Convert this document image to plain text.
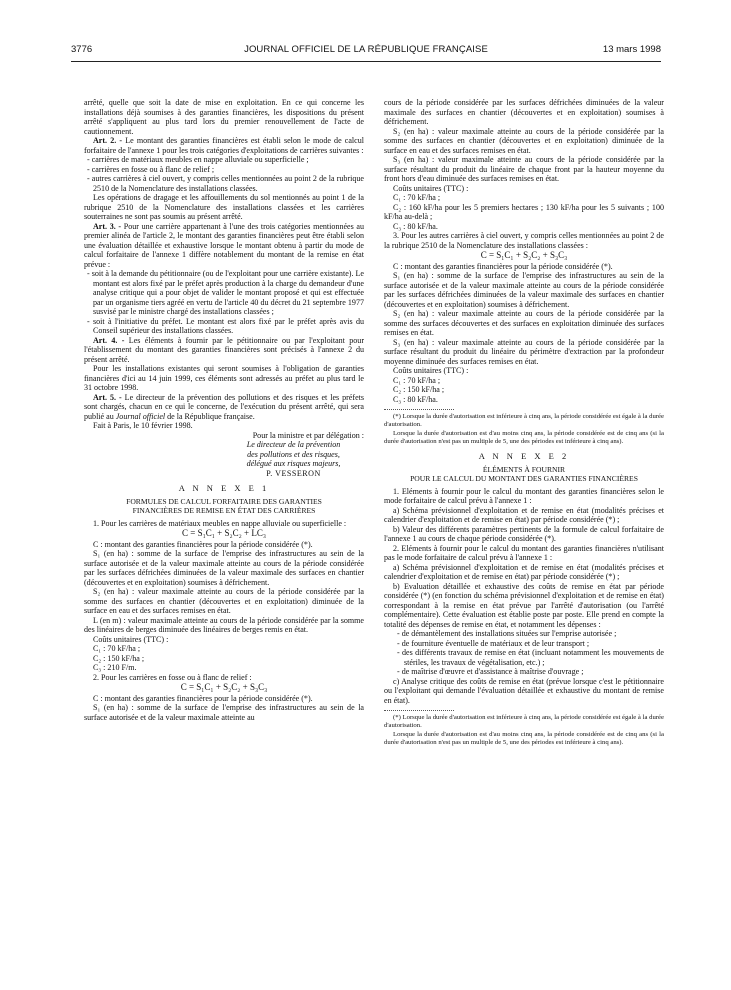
3776	JOURNAL OFFICIEL DE LA RÉPUBLIQUE FRANÇAISE	13 mars 1998

arrêté, quelle que soit la date de mise en exploitation. En ce qui concerne les installations déjà soumises à des garanties financières, les dispositions du présent arrêté s'appliquent au plus tard lors du premier renouvellement de l'acte de cautionnement.

Art. 2. - Le montant des garanties financières est établi selon le mode de calcul forfaitaire de l'annexe 1 pour les trois catégories d'exploitations de carrières suivantes :

- carrières de matériaux meubles en nappe alluviale ou superficielle ;
- carrières en fosse ou à flanc de relief ;
- autres carrières à ciel ouvert, y compris celles mentionnées au point 2 de la rubrique 2510 de la Nomenclature des installations classées.

Les opérations de dragage et les affouillements du sol mentionnés au point 1 de la rubrique 2510 de la Nomenclature des installations classées et les carrières souterraines ne sont pas soumis au présent arrêté.

Art. 3. - Pour une carrière appartenant à l'une des trois catégories mentionnées au premier alinéa de l'article 2, le montant des garanties financières peut être établi selon une évaluation détaillée et exhaustive lorsque le montant obtenu à partir du mode de calcul forfaitaire de l'annexe 1 diffère notablement du montant de la remise en état prévue :

- soit à la demande du pétitionnaire (ou de l'exploitant pour une carrière existante). Le montant est alors fixé par le préfet après production à la charge du demandeur d'une analyse critique qui a pour objet de valider le montant proposé et qui est effectuée par un organisme tiers agréé en vertu de l'article 40 du décret du 21 septembre 1977 susvisé par le ministre chargé des installations classées ;
- soit à l'initiative du préfet. Le montant est alors fixé par le préfet après avis du Conseil supérieur des installations classées.

Art. 4. - Les éléments à fournir par le pétitionnaire ou par l'exploitant pour l'établissement du montant des garanties financières sont précisés à l'annexe 2 du présent arrêté.

Pour les installations existantes qui seront soumises à l'obligation de garanties financières d'ici au 14 juin 1999, ces éléments sont adressés au préfet au plus tard le 31 octobre 1998.

Art. 5. - Le directeur de la prévention des pollutions et des risques et les préfets sont chargés, chacun en ce qui le concerne, de l'exécution du présent arrêté, qui sera publié au Journal officiel de la République française.

Fait à Paris, le 10 février 1998.

Pour la ministre et par délégation :

Le directeur de la prévention

des pollutions et des risques,

délégué aux risques majeurs,

P. VESSERON

A N N E X E 1

FORMULES DE CALCUL FORFAITAIRE DES GARANTIES

FINANCIÈRES DE REMISE EN ÉTAT DES CARRIÈRES

1. Pour les carrières de matériaux meubles en nappe alluviale ou superficielle :

C = S₁C₁ + S₂C₂ + LC₃

C : montant des garanties financières pour la période considérée (*).

S₁ (en ha) : somme de la surface de l'emprise des infrastructures au sein de la surface autorisée et de la valeur maximale atteinte au cours de la période considérée par les surfaces défrichées diminuées de la valeur maximale des surfaces en chantier (découvertes et en exploitation) soumises à défrichement.

S₂ (en ha) : valeur maximale atteinte au cours de la période considérée par la somme des surfaces en chantier (découvertes et en exploitation) diminuée de la surface en eau et des surfaces remises en état.

L (en m) : valeur maximale atteinte au cours de la période considérée par la somme des linéaires de berges diminuée des linéaires de berges remis en état.

Coûts unitaires (TTC) :

C₁ : 70 kF/ha ;

C₂ : 150 kF/ha ;

C₃ : 210 F/m.

2. Pour les carrières en fosse ou à flanc de relief :

C = S₁C₁ + S₂C₂ + S₃C₃

C : montant des garanties financières pour la période considérée (*).

S₁ (en ha) : somme de la surface de l'emprise des infrastructures au sein de la surface autorisée et de la valeur maximale atteinte au

cours de la période considérée par les surfaces défrichées diminuées de la valeur maximale des surfaces en chantier (découvertes et en exploitation) soumises à défrichement.

S₂ (en ha) : valeur maximale atteinte au cours de la période considérée par la somme des surfaces en chantier (découvertes et en exploitation) diminuée de la surface en eau et des surfaces remises en état.

S₃ (en ha) : valeur maximale atteinte au cours de la période considérée par la surface résultant du produit du linéaire de chaque front par la hauteur moyenne du front hors d'eau diminuée des surfaces remises en état.

Coûts unitaires (TTC) :

C₁ : 70 kF/ha ;

C₂ : 160 kF/ha pour les 5 premiers hectares ; 130 kF/ha pour les 5 suivants ; 100 kF/ha au-delà ;

C₃ : 80 kF/ha.

3. Pour les autres carrières à ciel ouvert, y compris celles mentionnées au point 2 de la rubrique 2510 de la Nomenclature des installations classées :

C = S₁C₁ + S₂C₂ + S₃C₃

C : montant des garanties financières pour la période considérée (*).

S₁ (en ha) : somme de la surface de l'emprise des infrastructures au sein de la surface autorisée et de la valeur maximale atteinte au cours de la période considérée par les surfaces défrichées diminuées de la valeur maximale des surfaces en chantier (découvertes et en exploitation) soumises à défrichement.

S₂ (en ha) : valeur maximale atteinte au cours de la période considérée par la somme des surfaces découvertes et des surfaces en exploitation diminuée des surfaces remises en état.

S₃ (en ha) : valeur maximale atteinte au cours de la période considérée par la surface résultant du produit du linéaire du périmètre d'extraction par la profondeur moyenne diminuée des surfaces remises en état.

Coûts unitaires (TTC) :

C₁ : 70 kF/ha ;

C₂ : 150 kF/ha ;

C₃ : 80 kF/ha.

(*) Lorsque la durée d'autorisation est inférieure à cinq ans, la période considérée est égale à la durée d'autorisation.

Lorsque la durée d'autorisation est d'au moins cinq ans, la période considérée est de cinq ans (si la durée d'autorisation n'est pas un multiple de 5, une des périodes est inférieure à cinq ans).

A N N E X E 2

ÉLÉMENTS À FOURNIR

POUR LE CALCUL DU MONTANT DES GARANTIES FINANCIÈRES

1. Eléments à fournir pour le calcul du montant des garanties financières selon le mode forfaitaire de calcul prévu à l'annexe 1 :

a) Schéma prévisionnel d'exploitation et de remise en état (modalités précises et calendrier d'exploitation et de remise en état) par période considérée (*) ;

b) Valeur des différents paramètres pertinents de la formule de calcul forfaitaire de l'annexe 1 au cours de chaque période considérée (*).

2. Eléments à fournir pour le calcul du montant des garanties financières n'utilisant pas le mode forfaitaire de calcul prévu à l'annexe 1 :

a) Schéma prévisionnel d'exploitation et de remise en état (modalités précises et calendrier d'exploitation et de remise en état) par période considérée (*) ;

b) Evaluation détaillée et exhaustive des coûts de remise en état par période considérée (*) (en fonction du schéma prévisionnel d'exploitation et de remise en état) correspondant à la remise en état prévue par l'arrêté d'autorisation (ou l'arrêté complémentaire). Cette évaluation est établie poste par poste. Elle prend en compte la totalité des dépenses de remise en état, et notamment les dépenses :

- de démantèlement des installations situées sur l'emprise autorisée ;
- de fourniture éventuelle de matériaux et de leur transport ;
- des différents travaux de remise en état (incluant notamment les mouvements de stériles, les travaux de végétalisation, etc.) ;
- de maîtrise d'œuvre et d'assistance à maîtrise d'ouvrage ;

c) Analyse critique des coûts de remise en état (prévue lorsque c'est le pétitionnaire ou l'exploitant qui demande l'évaluation détaillée et exhaustive du montant de remise en état).

(*) Lorsque la durée d'autorisation est inférieure à cinq ans, la période considérée est égale à la durée d'autorisation.

Lorsque la durée d'autorisation est d'au moins cinq ans, la période considérée est de cinq ans (si la durée d'autorisation n'est pas un multiple de 5, une des périodes est inférieure à cinq ans).
